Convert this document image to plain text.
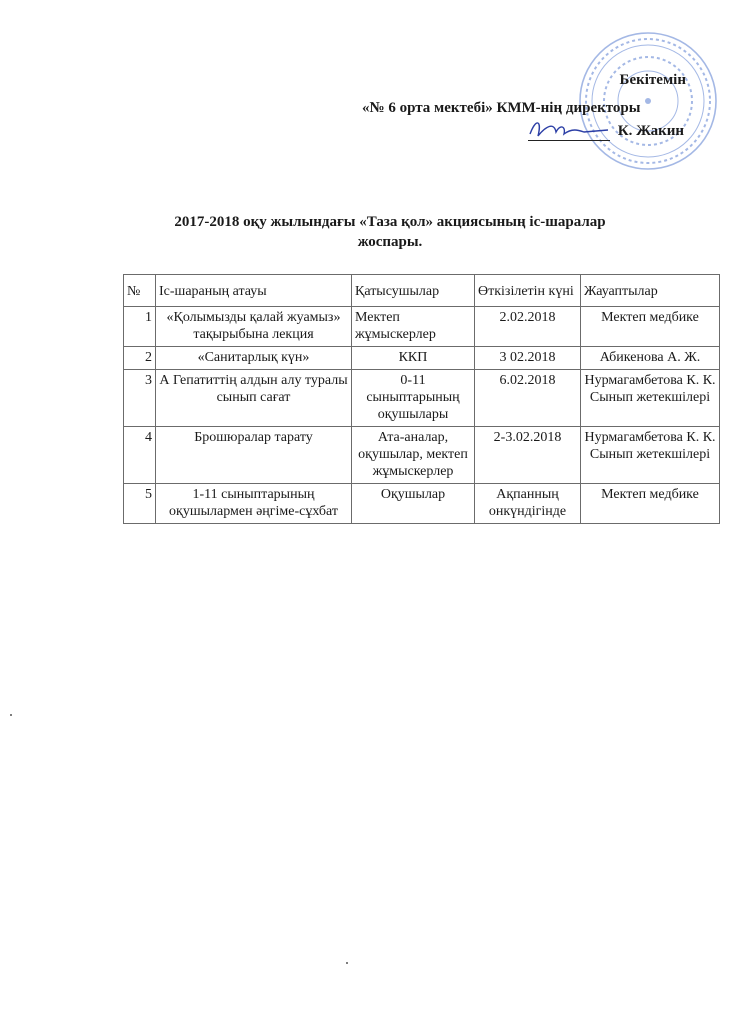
Бекітемін
«№ 6 орта мектебі» КММ-нің директоры
К. Жакин
2017-2018 оқу жылындағы «Таза қол» акциясының іс-шаралар
жоспары.
№	Іс-шараның атауы	Қатысушылар	Өткізілетін күні	Жауаптылар
1	«Қолымызды қалай жуамыз» тақырыбына лекция	Мектеп жұмыскерлер	2.02.2018	Мектеп медбике
2	«Санитарлық күн»	ККП	3 02.2018	Абикенова А. Ж.
3	А Гепатиттің алдын алу туралы сынып сағат	0-11 сыныптарының оқушылары	6.02.2018	Нурмагамбетова К. К. Сынып жетекшілері
4	Брошюралар тарату	Ата-аналар, оқушылар, мектеп жұмыскерлер	2-3.02.2018	Нурмагамбетова К. К. Сынып жетекшілері
5	1-11 сыныптарының оқушылармен әңгіме-сұхбат	Оқушылар	Ақпанның онкүндігінде	Мектеп медбике
